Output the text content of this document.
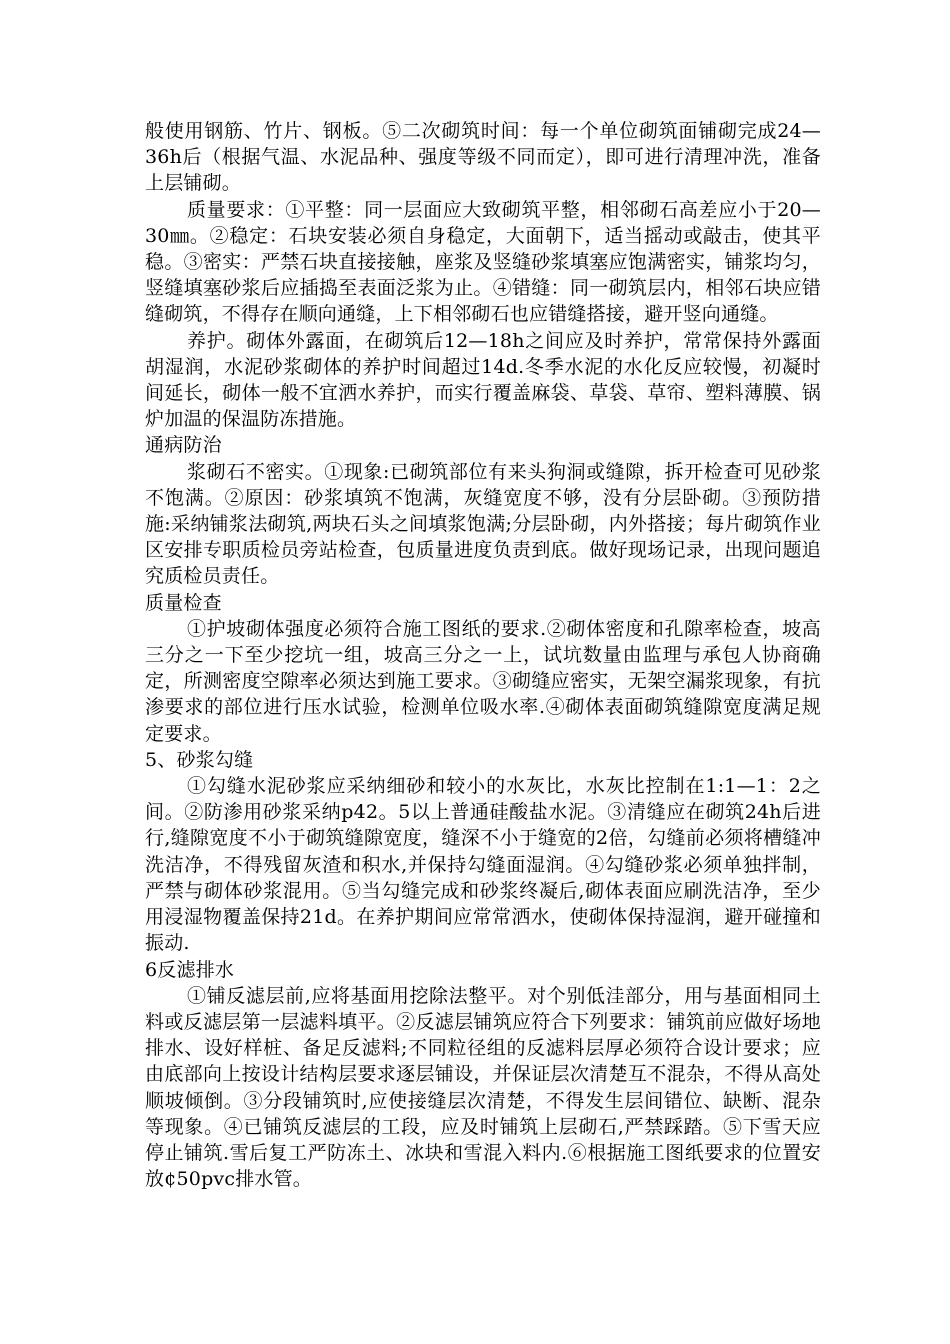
般使用钢筋、竹片、钢板。⑤二次砌筑时间：每一个单位砌筑面铺砌完成24—36h后（根据气温、水泥品种、强度等级不同而定），即可进行清理冲洗，准备上层铺砌。

质量要求：①平整：同一层面应大致砌筑平整，相邻砌石高差应小于20—30㎜。②稳定：石块安装必须自身稳定，大面朝下，适当摇动或敲击，使其平稳。③密实：严禁石块直接接触，座浆及竖缝砂浆填塞应饱满密实，铺浆均匀，竖缝填塞砂浆后应插捣至表面泛浆为止。④错缝：同一砌筑层内，相邻石块应错缝砌筑，不得存在顺向通缝，上下相邻砌石也应错缝搭接，避开竖向通缝。

养护。砌体外露面，在砌筑后12—18h之间应及时养护，常常保持外露面胡湿润，水泥砂浆砌体的养护时间超过14d.冬季水泥的水化反应较慢，初凝时间延长，砌体一般不宜洒水养护，而实行覆盖麻袋、草袋、草帘、塑料薄膜、锅炉加温的保温防冻措施。

通病防治

浆砌石不密实。①现象:已砌筑部位有来头狗洞或缝隙，拆开检查可见砂浆不饱满。②原因：砂浆填筑不饱满，灰缝宽度不够，没有分层卧砌。③预防措施:采纳铺浆法砌筑,两块石头之间填浆饱满;分层卧砌，内外搭接；每片砌筑作业区安排专职质检员旁站检查，包质量进度负责到底。做好现场记录，出现问题追究质检员责任。

质量检查

①护坡砌体强度必须符合施工图纸的要求.②砌体密度和孔隙率检查，坡高三分之一下至少挖坑一组，坡高三分之一上，试坑数量由监理与承包人协商确定，所测密度空隙率必须达到施工要求。③砌缝应密实，无架空漏浆现象，有抗渗要求的部位进行压水试验，检测单位吸水率.④砌体表面砌筑缝隙宽度满足规定要求。

5、砂浆勾缝

①勾缝水泥砂浆应采纳细砂和较小的水灰比，水灰比控制在1:1—1：2之间。②防渗用砂浆采纳p42。5以上普通硅酸盐水泥。③清缝应在砌筑24h后进行,缝隙宽度不小于砌筑缝隙宽度，缝深不小于缝宽的2倍，勾缝前必须将槽缝冲洗洁净，不得残留灰渣和积水,并保持勾缝面湿润。④勾缝砂浆必须单独拌制，严禁与砌体砂浆混用。⑤当勾缝完成和砂浆终凝后,砌体表面应刷洗洁净，至少用浸湿物覆盖保持21d。在养护期间应常常洒水，使砌体保持湿润，避开碰撞和振动.

6反滤排水

①铺反滤层前,应将基面用挖除法整平。对个别低洼部分，用与基面相同土料或反滤层第一层滤料填平。②反滤层铺筑应符合下列要求：铺筑前应做好场地排水、设好样桩、备足反滤料;不同粒径组的反滤料层厚必须符合设计要求；应由底部向上按设计结构层要求逐层铺设，并保证层次清楚互不混杂，不得从高处顺坡倾倒。③分段铺筑时,应使接缝层次清楚，不得发生层间错位、缺断、混杂等现象。④已铺筑反滤层的工段，应及时铺筑上层砌石,严禁踩踏。⑤下雪天应停止铺筑.雪后复工严防冻土、冰块和雪混入料内.⑥根据施工图纸要求的位置安放¢50pvc排水管。
